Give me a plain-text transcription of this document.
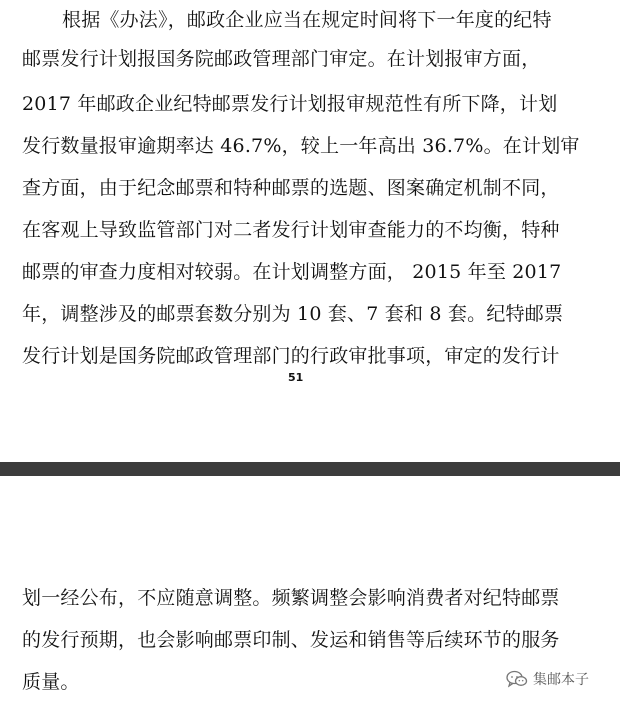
根据《办法》，邮政企业应当在规定时间将下一年度的纪特
邮票发行计划报国务院邮政管理部门审定。在计划报审方面，
2017 年邮政企业纪特邮票发行计划报审规范性有所下降，计划
发行数量报审逾期率达 46.7%，较上一年高出 36.7%。在计划审
查方面，由于纪念邮票和特种邮票的选题、图案确定机制不同，
在客观上导致监管部门对二者发行计划审查能力的不均衡，特种
邮票的审查力度相对较弱。在计划调整方面， 2015 年至 2017
年，调整涉及的邮票套数分别为 10 套、7 套和 8 套。纪特邮票
发行计划是国务院邮政管理部门的行政审批事项，审定的发行计
51
划一经公布，不应随意调整。频繁调整会影响消费者对纪特邮票
的发行预期，也会影响邮票印制、发运和销售等后续环节的服务
质量。	集邮本子
